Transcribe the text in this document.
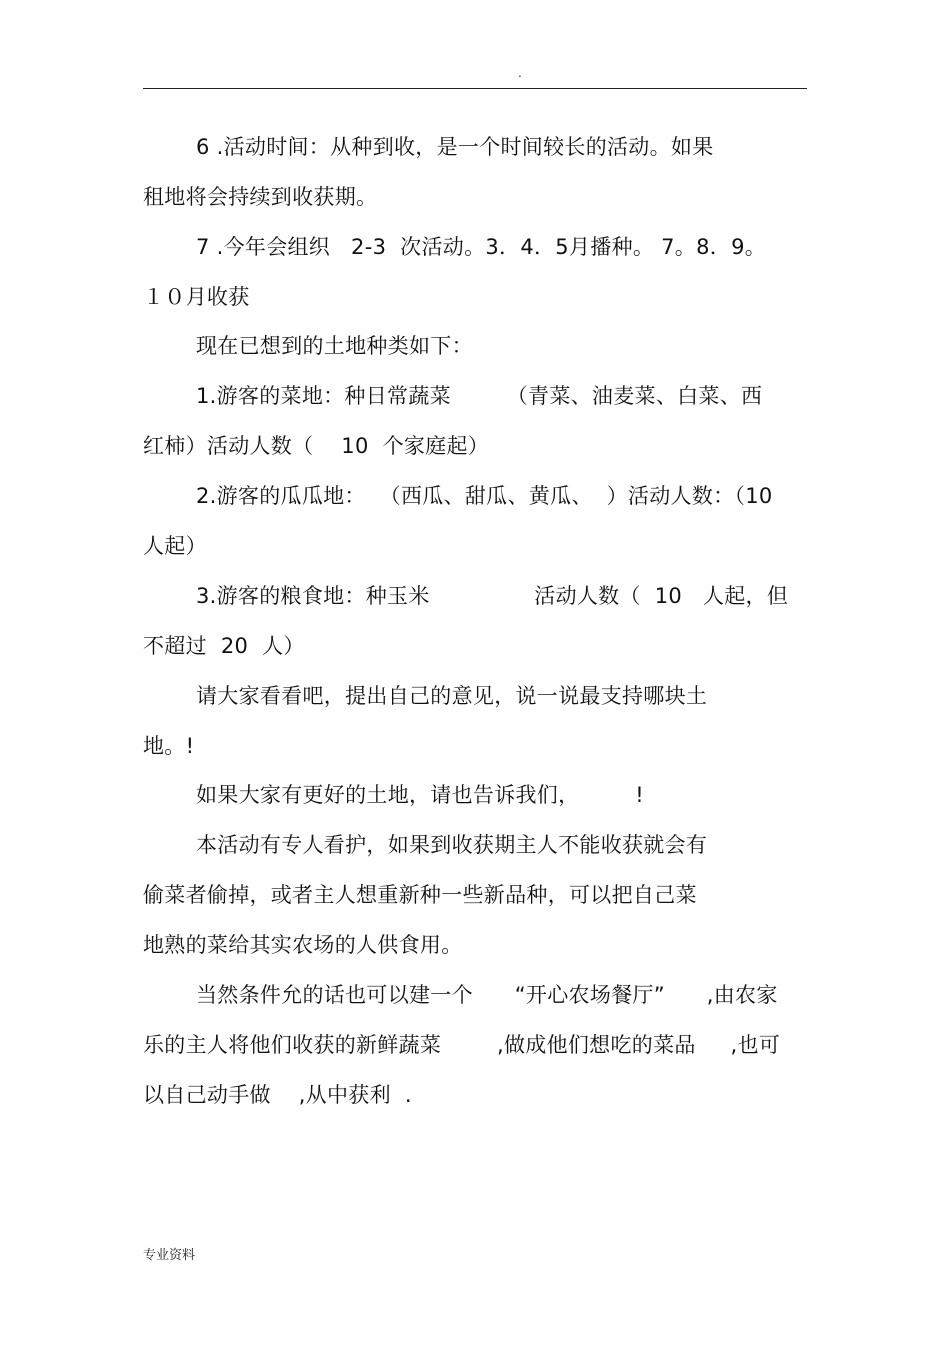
.
6 .活动时间：从种到收，是一个时间较长的活动。如果
租地将会持续到收获期。
7 .今年会组织   2-3  次活动。3．4．5月播种。 7。8．9。
１０月收获
现在已想到的土地种类如下：
1.游客的菜地：种日常蔬菜        （青菜、油麦菜、白菜、西
红柿）活动人数（    10  个家庭起）
2.游客的瓜瓜地：  （西瓜、甜瓜、黄瓜、  ）活动人数：（10
人起）
3.游客的粮食地：种玉米               活动人数（  10   人起，但
不超过  20  人）
请大家看看吧，提出自己的意见，说一说最支持哪块土
地。!
如果大家有更好的土地，请也告诉我们，        !
本活动有专人看护，如果到收获期主人不能收获就会有
偷菜者偷掉，或者主人想重新种一些新品种，可以把自己菜
地熟的菜给其实农场的人供食用。
当然条件允的话也可以建一个      “开心农场餐厅”      ,由农家
乐的主人将他们收获的新鲜蔬菜        ,做成他们想吃的菜品     ,也可
以自己动手做    ,从中获利  .
专业资料
